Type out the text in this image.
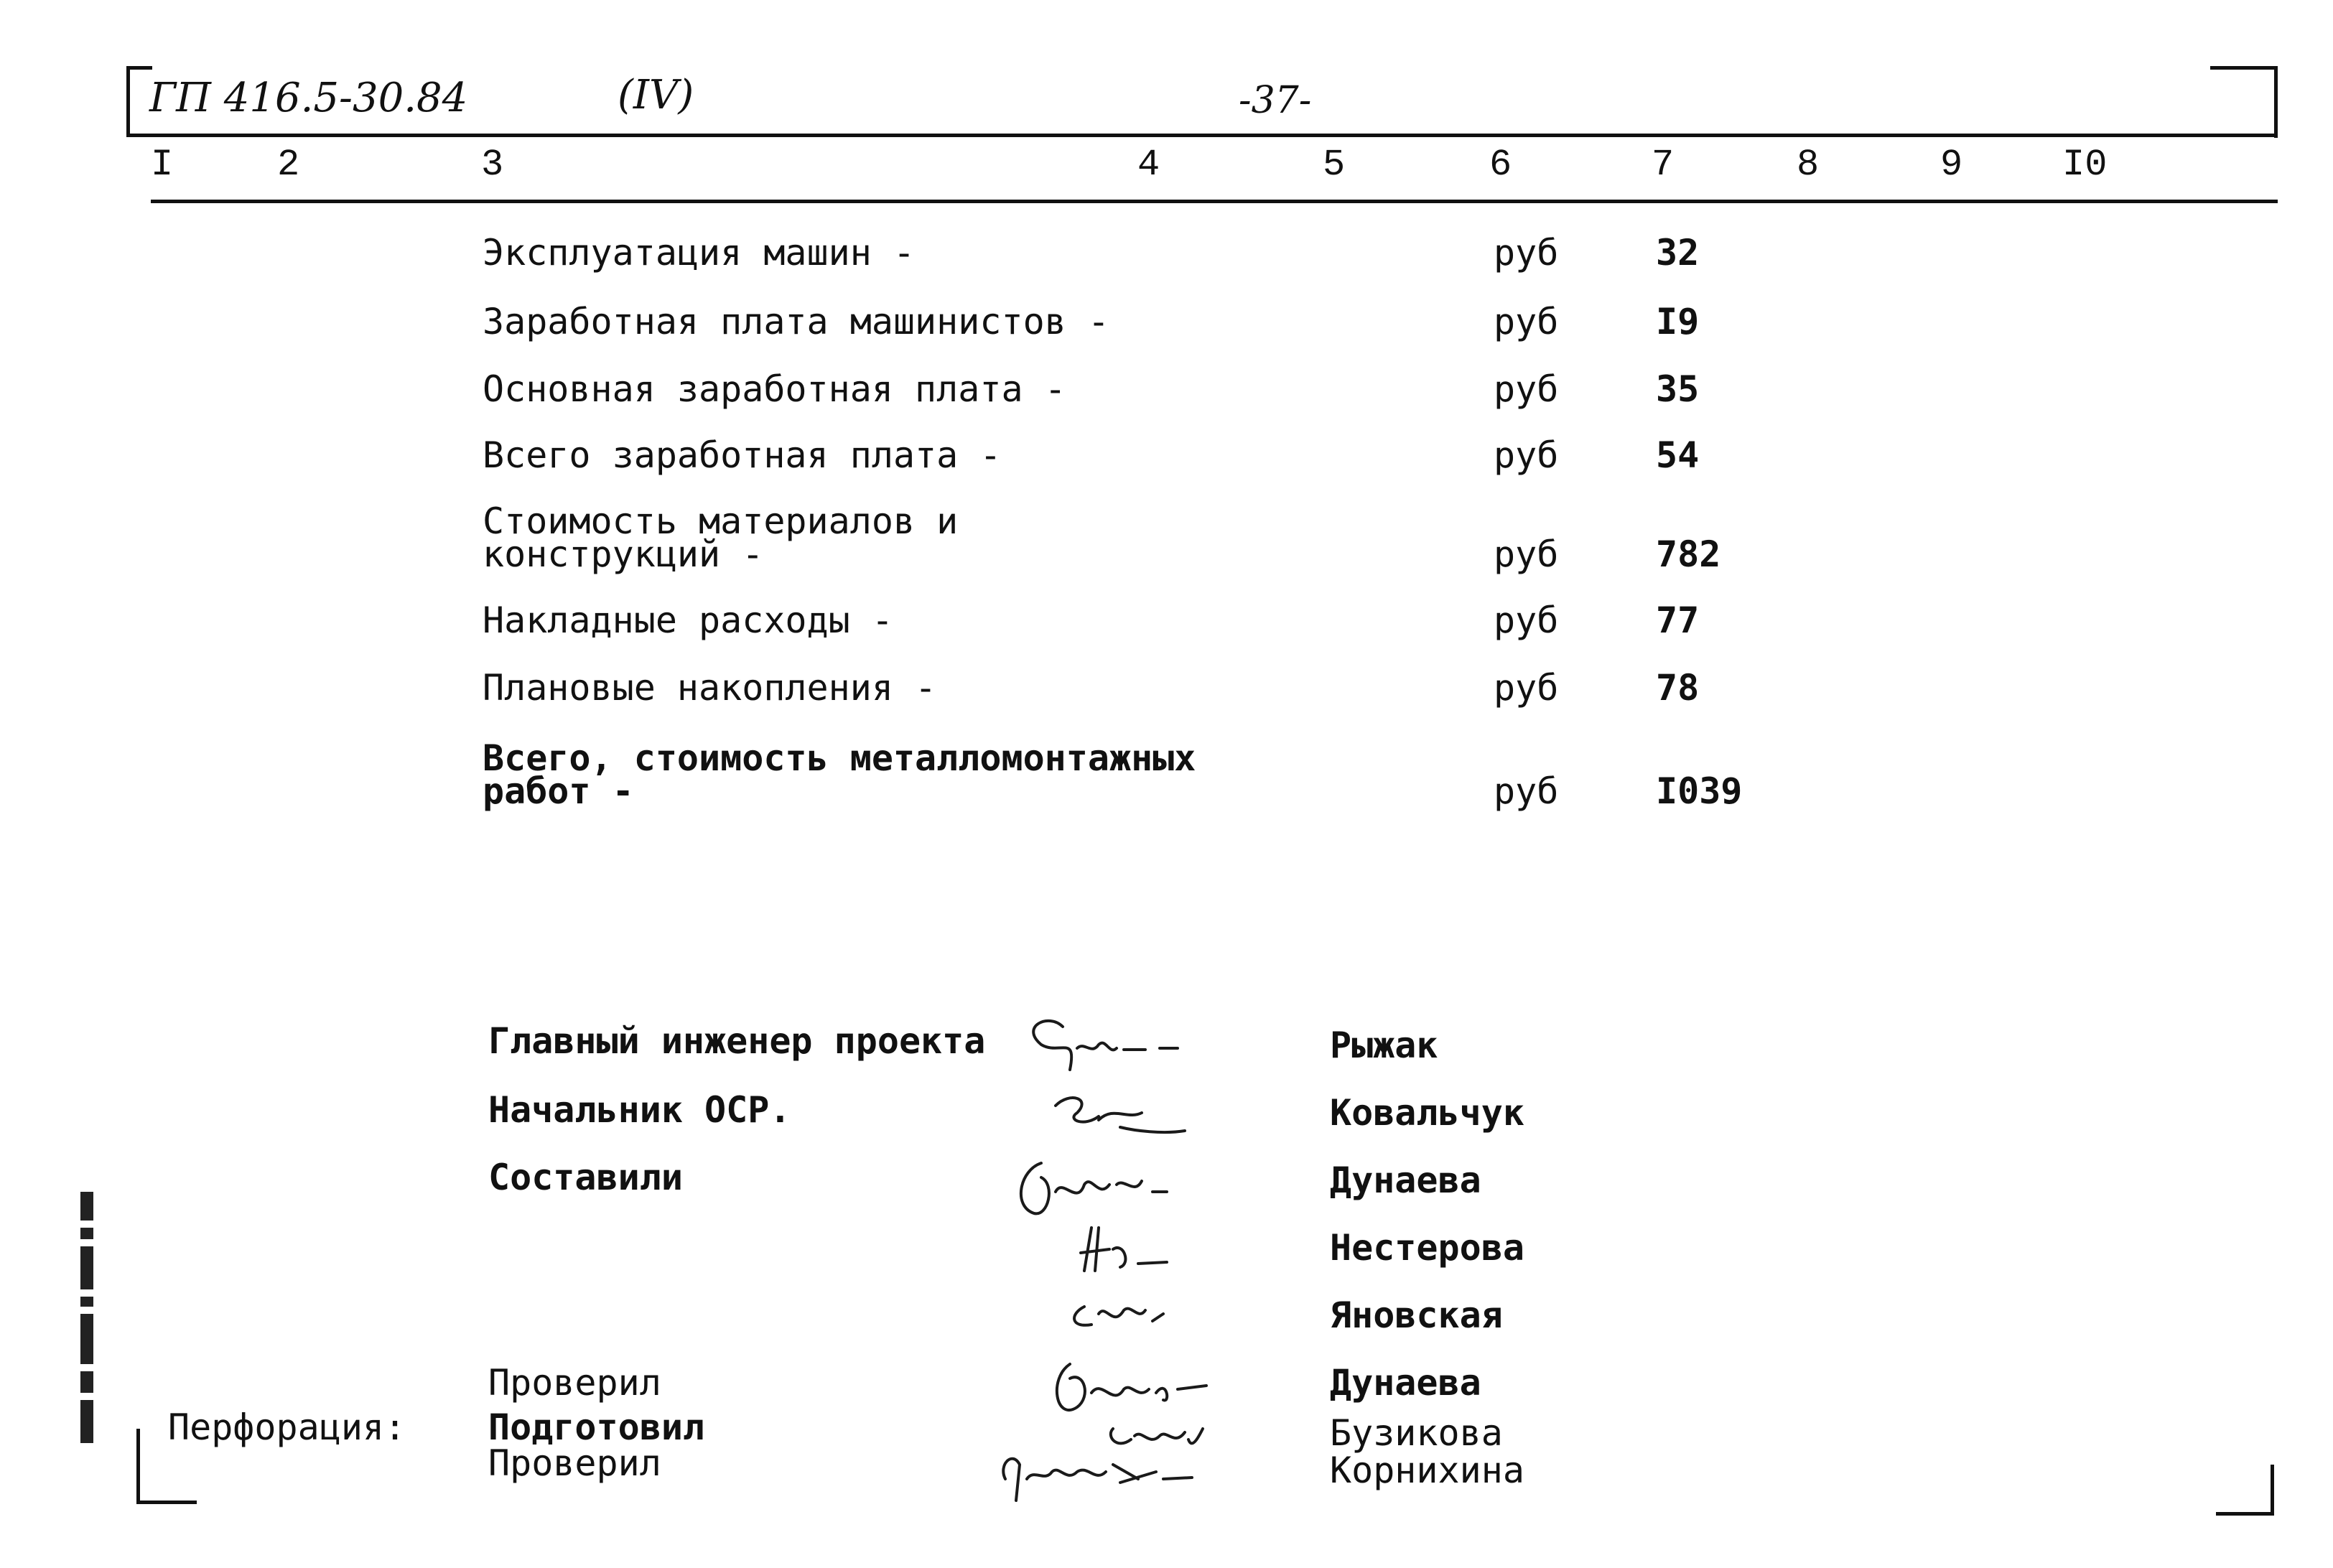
ГП 416.5-30.84	(IV)	-37-
I	2	3	4	5	6	7	8	9	I0
Эксплуатация машин -	руб	32
Заработная плата машинистов -	руб	I9
Основная заработная плата -	руб	35
Всего заработная плата -	руб	54
Стоимость материалов и
конструкций -	руб	782
Накладные расходы -	руб	77
Плановые накопления -	руб	78
Всего, стоимость металломонтажных
работ -	руб	I039
Главный инженер проекта	Рыжак
Начальник ОСР.	Ковальчук
Составили	Дунаева
Нестерова
Яновская
Проверил	Дунаева
Перфорация: Подготовил	Бузикова
Проверил	Корнихина
